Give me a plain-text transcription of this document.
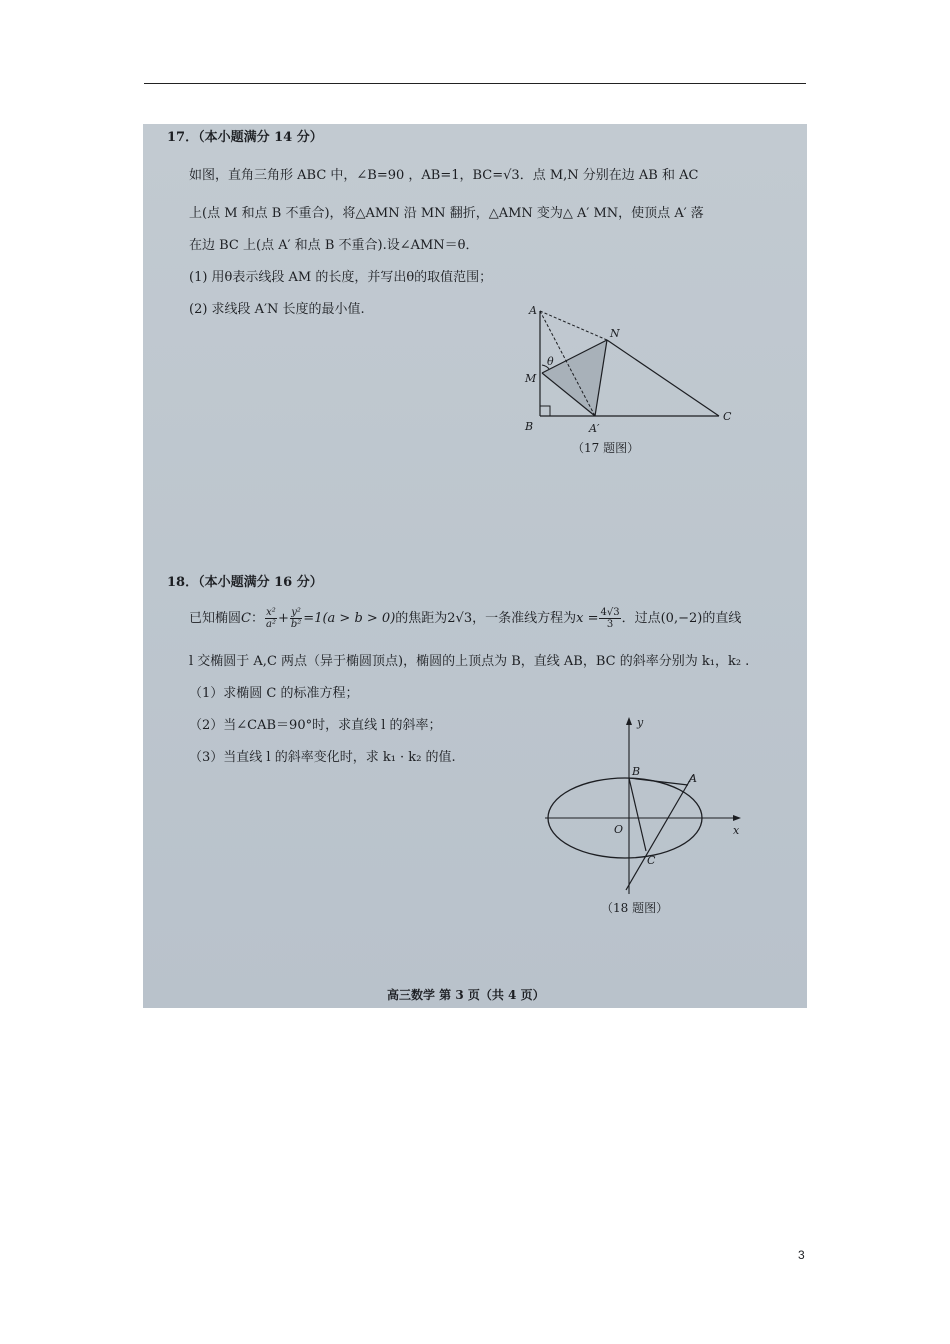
17．（本小题满分 14 分）
如图，直角三角形 ABC 中，∠B=90 ，AB=1，BC=√3．点 M,N 分别在边 AB 和 AC
上(点 M 和点 B 不重合)，将△AMN 沿 MN 翻折，△AMN 变为△ A′ MN，使顶点 A′ 落
在边 BC 上(点 A′ 和点 B 不重合).设∠AMN＝θ．
(1) 用θ表示线段 AM 的长度，并写出θ的取值范围；
(2) 求线段 A′N 长度的最小值.	A
N
θ
M
B	A′
C
（17 题图）
18．（本小题满分 16 分）
已知椭圆C： $\frac{\text{x²}}{\text{a²}} + \frac{\text{y²}}{\text{b²}} =1(a > b > 0)$的焦距为2√3，一条准线方程为$x = \frac{4√3}{3}$ ．过点(0,−2)的直线
l 交椭圆于 A,C 两点（异于椭圆顶点)，椭圆的上顶点为 B，直线 AB，BC 的斜率分别为 k₁，k₂ .
（1）求椭圆 C 的标准方程；
（2）当∠CAB＝90°时，求直线 l 的斜率；
（3）当直线 l 的斜率变化时，求 k₁ · k₂ 的值.
y
x
B
A
O
C
（18 题图）
高三数学 第 3 页（共 4 页）
3
